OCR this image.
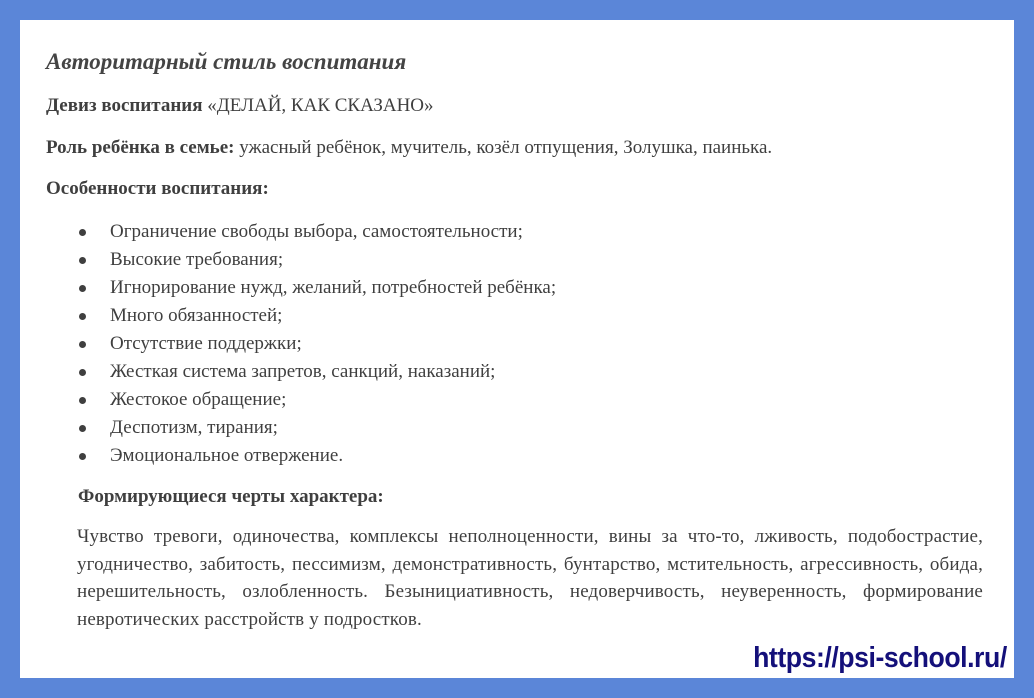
Авторитарный стиль воспитания
Девиз воспитания «ДЕЛАЙ, КАК СКАЗАНО»
Роль ребёнка в семье: ужасный ребёнок, мучитель, козёл отпущения, Золушка, паинька.
Особенности воспитания:
Ограничение свободы выбора, самостоятельности;
Высокие требования;
Игнорирование нужд, желаний, потребностей ребёнка;
Много обязанностей;
Отсутствие поддержки;
Жесткая система запретов, санкций, наказаний;
Жестокое обращение;
Деспотизм, тирания;
Эмоциональное отвержение.
Формирующиеся черты характера:
Чувство тревоги, одиночества, комплексы неполноценности, вины за что-то, лживость, подобострастие, угодничество, забитость, пессимизм, демонстративность, бунтарство, мстительность, агрессивность, обида, нерешительность, озлобленность. Безынициативность, недоверчивость, неуверенность, формирование невротических расстройств у подростков.
https://psi-school.ru/
